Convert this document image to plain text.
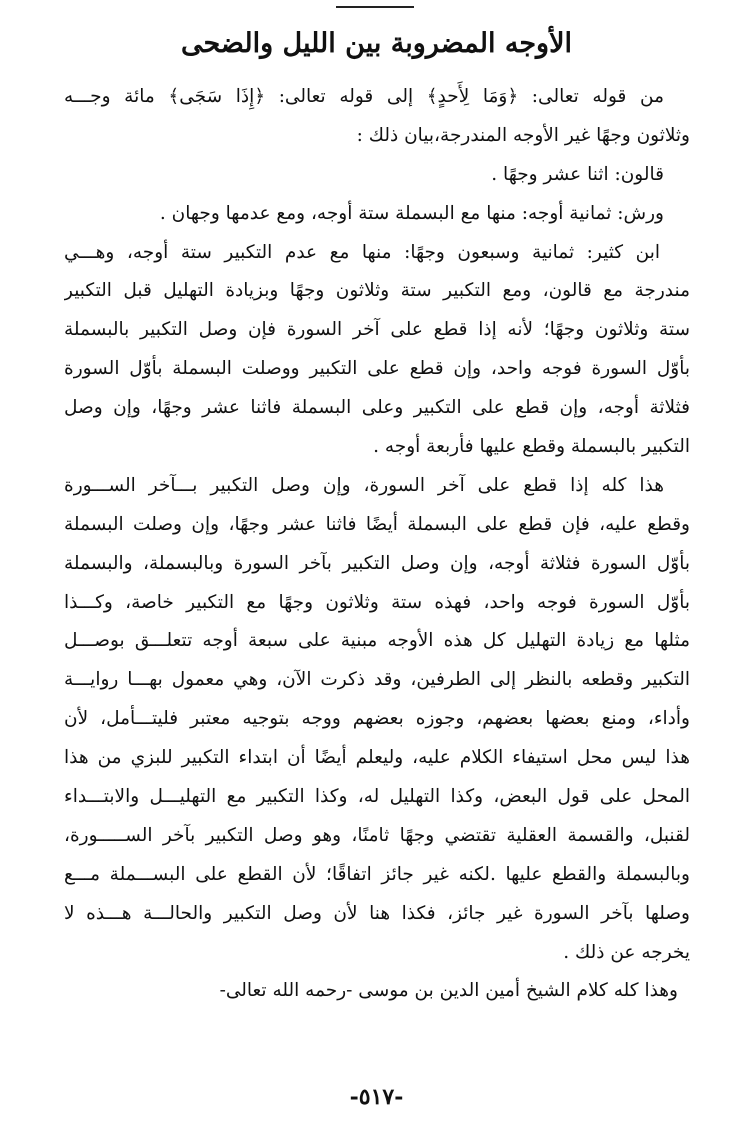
الأوجه المضروبة بين الليل والضحى
من قوله تعالى: ﴿وَمَا لِأَحدٍ﴾ إلى قوله تعالى: ﴿إِذَا سَجَى﴾ مائة وجـــه
وثلاثون وجهًا غير الأوجه المندرجة،بيان ذلك :
قالون: اثنا عشر وجهًا .
ورش: ثمانية أوجه: منها مع البسملة ستة أوجه، ومع عدمها وجهان .
ابن كثير: ثمانية وسبعون وجهًا: منها مع عدم التكبير ستة أوجه، وهـــي
مندرجة مع قالون، ومع التكبير ستة وثلاثون وجهًا وبزيادة التهليل قبل التكبير
ستة وثلاثون وجهًا؛ لأنه إذا قطع على آخر السورة فإن وصل التكبير بالبسملة
بأوّل السورة فوجه واحد، وإن قطع على التكبير ووصلت البسملة بأوّل السورة
فثلاثة أوجه، وإن قطع على التكبير وعلى البسملة فاثنا عشر وجهًا، وإن وصل
التكبير بالبسملة وقطع عليها فأربعة أوجه .
هذا كله إذا قطع على آخر السورة، وإن وصل التكبير بـــآخر الســـورة
وقطع عليه، فإن قطع على البسملة أيضًا فاثنا عشر وجهًا، وإن وصلت البسملة
بأوّل السورة فثلاثة أوجه، وإن وصل التكبير بآخر السورة وبالبسملة، والبسملة
بأوّل السورة فوجه واحد، فهذه ستة وثلاثون وجهًا مع التكبير خاصة، وكـــذا
مثلها مع زيادة التهليل كل هذه الأوجه مبنية على سبعة أوجه تتعلـــق بوصـــل
التكبير وقطعه بالنظر إلى الطرفين، وقد ذكرت الآن، وهي معمول بهـــا روايـــة
وأداء، ومنع بعضها بعضهم، وجوزه بعضهم ووجه بتوجيه معتبر فليتـــأمل، لأن
هذا ليس محل استيفاء الكلام عليه، وليعلم أيضًا أن ابتداء التكبير للبزي من هذا
المحل على قول البعض، وكذا التهليل له، وكذا التكبير مع التهليـــل والابتـــداء
لقنبل، والقسمة العقلية تقتضي وجهًا ثامنًا، وهو وصل التكبير بآخر الســـــورة،
وبالبسملة والقطع عليها .لكنه غير جائز اتفاقًا؛ لأن القطع على البســـملة مـــع
وصلها بآخر السورة غير جائز، فكذا هنا لأن وصل التكبير والحالـــة هـــذه لا
يخرجه عن ذلك .
وهذا كله كلام الشيخ أمين الدين بن موسى -رحمه الله تعالى-
-٥١٧-
